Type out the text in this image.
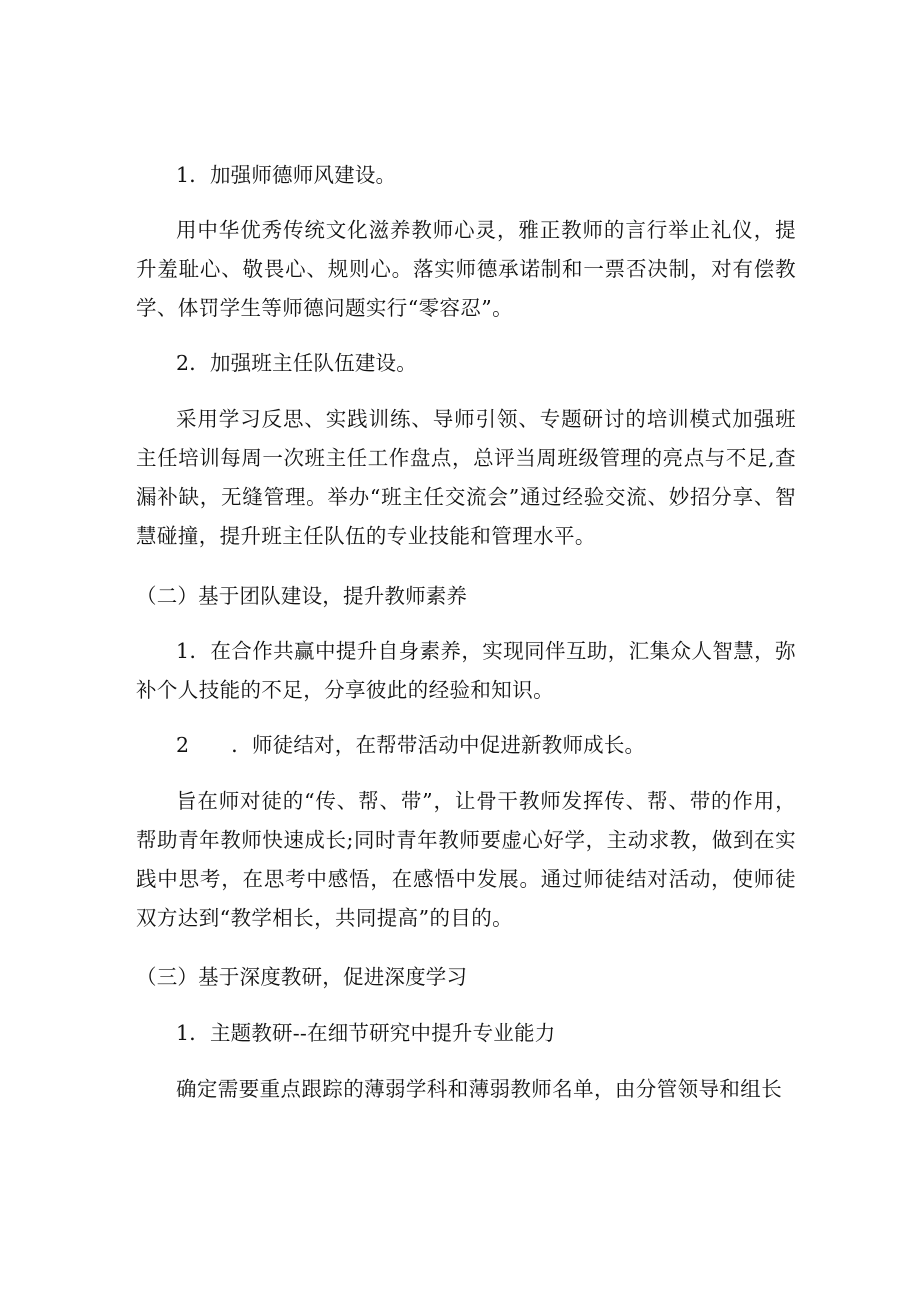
1．加强师德师风建设。

用中华优秀传统文化滋养教师心灵，雅正教师的言行举止礼仪，提升羞耻心、敬畏心、规则心。落实师德承诺制和一票否决制，对有偿教学、体罚学生等师德问题实行“零容忍”。

2．加强班主任队伍建设。

采用学习反思、实践训练、导师引领、专题研讨的培训模式加强班主任培训每周一次班主任工作盘点，总评当周班级管理的亮点与不足,查漏补缺，无缝管理。举办“班主任交流会”通过经验交流、妙招分享、智慧碰撞，提升班主任队伍的专业技能和管理水平。

（二）基于团队建设，提升教师素养

1．在合作共赢中提升自身素养，实现同伴互助，汇集众人智慧，弥补个人技能的不足，分享彼此的经验和知识。

2 ．师徒结对，在帮带活动中促进新教师成长。

旨在师对徒的“传、帮、带”，让骨干教师发挥传、帮、带的作用，帮助青年教师快速成长;同时青年教师要虚心好学，主动求教，做到在实践中思考，在思考中感悟，在感悟中发展。通过师徒结对活动，使师徒双方达到“教学相长，共同提高”的目的。

（三）基于深度教研，促进深度学习

1．主题教研--在细节研究中提升专业能力

确定需要重点跟踪的薄弱学科和薄弱教师名单，由分管领导和组长
